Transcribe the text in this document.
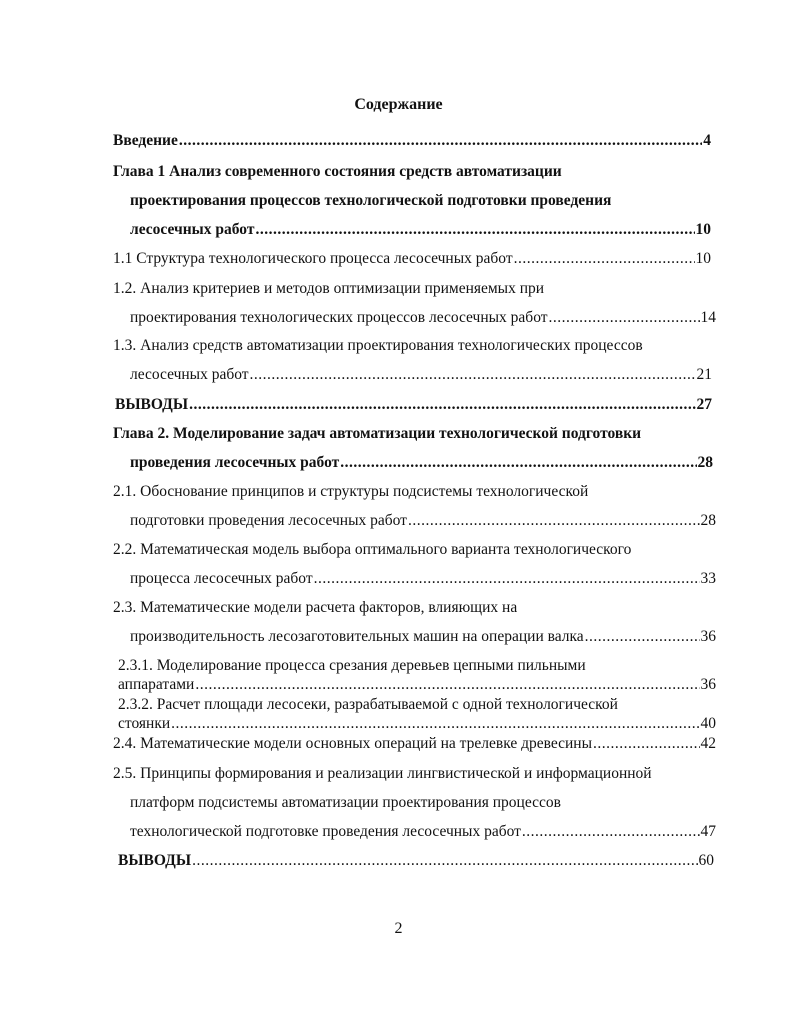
Содержание
Введение .....	4
Глава 1 Анализ современного состояния средств автоматизации
проектирования процессов технологической подготовки проведения
лесосечных работ .....	10
1.1 Структура технологического процесса лесосечных работ .....	10
1.2. Анализ критериев и методов оптимизации применяемых при
проектирования технологических процессов лесосечных работ .....	14
1.3. Анализ средств автоматизации проектирования технологических процессов
лесосечных работ .....	21
ВЫВОДЫ .....	27
Глава 2. Моделирование задач автоматизации технологической подготовки
проведения лесосечных работ .....	28
2.1. Обоснование принципов и структуры подсистемы технологической
подготовки проведения лесосечных работ .....	28
2.2. Математическая модель выбора оптимального варианта технологического
процесса лесосечных работ .....	33
2.3. Математические модели расчета факторов, влияющих на
производительность лесозаготовительных машин на операции валка .....	36
2.3.1. Моделирование процесса срезания деревьев цепными пильными
аппаратами .....	36
2.3.2. Расчет площади лесосеки, разрабатываемой с одной технологической
стоянки .....	40
2.4. Математические модели основных операций на трелевке древесины .....	42
2.5. Принципы формирования и реализации лингвистической и информационной
платформ подсистемы автоматизации проектирования процессов
технологической подготовке проведения лесосечных работ .....	47
ВЫВОДЫ .....	60
2
